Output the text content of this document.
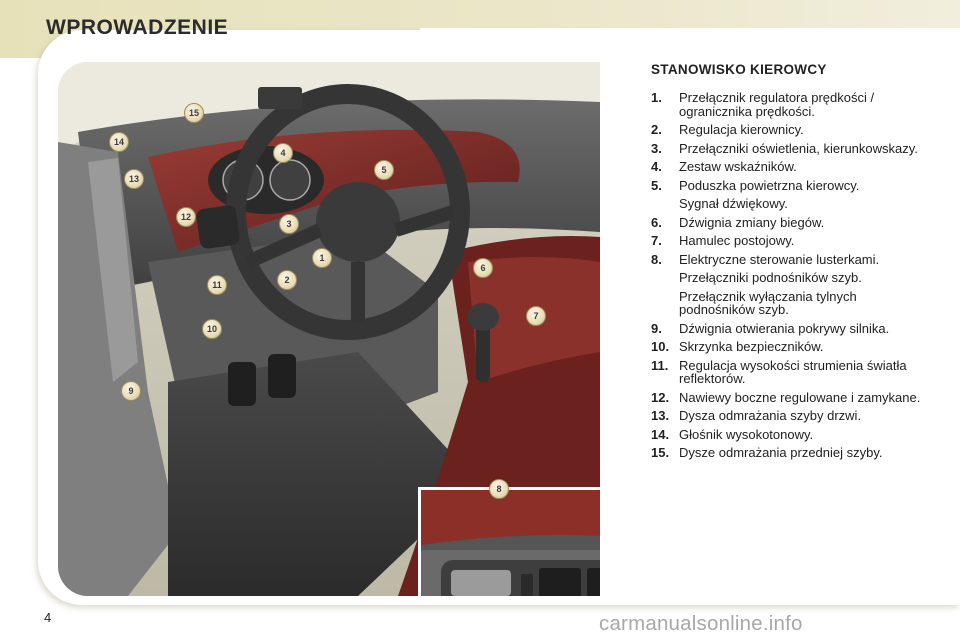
WPROWADZENIE
15
14
13
4
5
12
3
1
2
11
6
7
10
9
8
STANOWISKO KIEROWCY
1.	Przełącznik regulatora prędkości / ogranicznika prędkości.
2.	Regulacja kierownicy.
3.	Przełączniki oświetlenia, kierunkowskazy.
4.	Zestaw wskaźników.
5.	Poduszka powietrzna kierowcy.
Sygnał dźwiękowy.
6.	Dźwignia zmiany biegów.
7.	Hamulec postojowy.
8.	Elektryczne sterowanie lusterkami.
Przełączniki podnośników szyb.
Przełącznik wyłączania tylnych podnośników szyb.
9.	Dźwignia otwierania pokrywy silnika.
10. Skrzynka bezpieczników.
11. Regulacja wysokości strumienia światła reflektorów.
12. Nawiewy boczne regulowane i zamykane.
13. Dysza odmrażania szyby drzwi.
14. Głośnik wysokotonowy.
15. Dysze odmrażania przedniej szyby.
4	carmanualsonline.info
